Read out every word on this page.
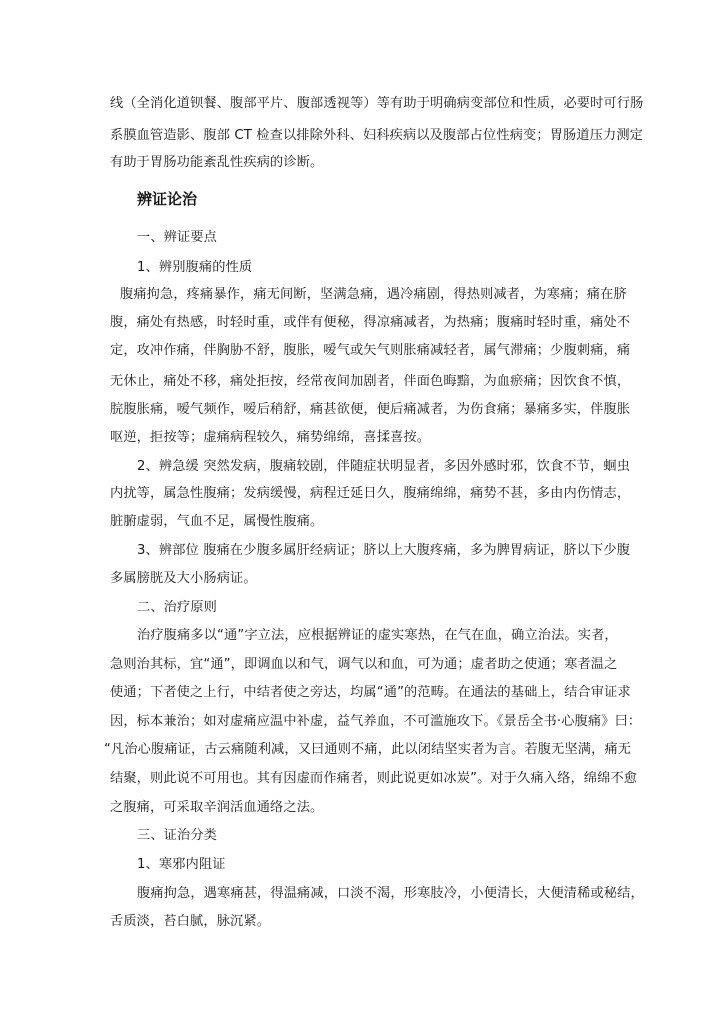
线（全消化道钡餐、腹部平片、腹部透视等）等有助于明确病变部位和性质，必要时可行肠
系膜血管造影、腹部 CT 检查以排除外科、妇科疾病以及腹部占位性病变；胃肠道压力测定
有助于胃肠功能紊乱性疾病的诊断。
辨证论治
一、辨证要点
1、辨别腹痛的性质
腹痛拘急，疼痛暴作，痛无间断，坚满急痛，遇冷痛剧，得热则减者，为寒痛；痛在脐
腹，痛处有热感，时轻时重，或伴有便秘，得凉痛减者，为热痛；腹痛时轻时重，痛处不
定，攻冲作痛，伴胸胁不舒，腹胀，嗳气或矢气则胀痛减轻者，属气滞痛；少腹刺痛，痛
无休止，痛处不移，痛处拒按，经常夜间加剧者，伴面色晦黯，为血瘀痛；因饮食不慎，
脘腹胀痛，嗳气频作，嗳后稍舒，痛甚欲便，便后痛减者，为伤食痛；暴痛多实，伴腹胀
呕逆，拒按等；虚痛病程较久，痛势绵绵，喜揉喜按。
2、辨急缓 突然发病，腹痛较剧，伴随症状明显者，多因外感时邪，饮食不节，蛔虫
内扰等，属急性腹痛；发病缓慢，病程迁延日久，腹痛绵绵，痛势不甚，多由内伤情志，
脏腑虚弱，气血不足，属慢性腹痛。
3、辨部位 腹痛在少腹多属肝经病证；脐以上大腹疼痛，多为脾胃病证，脐以下少腹
多属膀胱及大小肠病证。
二、治疗原则
治疗腹痛多以“通”字立法，应根据辨证的虚实寒热，在气在血，确立治法。实者，
急则治其标，宜“通”，即调血以和气，调气以和血，可为通；虚者助之使通；寒者温之
使通；下者使之上行，中结者使之旁达，均属“通”的范畴。在通法的基础上，结合审证求
因，标本兼治；如对虚痛应温中补虚，益气养血，不可滥施攻下。《景岳全书·心腹痛》曰：
“凡治心腹痛证，古云痛随利减，又曰通则不痛，此以闭结坚实者为言。若腹无坚满，痛无
结聚，则此说不可用也。其有因虚而作痛者，则此说更如冰炭”。对于久痛入络，绵绵不愈
之腹痛，可采取辛润活血通络之法。
三、证治分类
1、寒邪内阻证
腹痛拘急，遇寒痛甚，得温痛减，口淡不渴，形寒肢冷，小便清长，大便清稀或秘结，
舌质淡，苔白腻，脉沉紧。
